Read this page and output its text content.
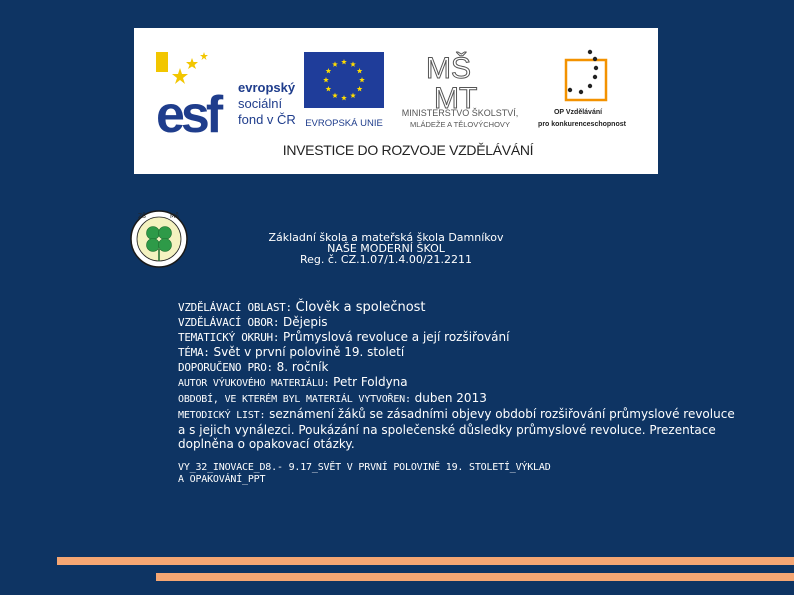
esf	evropský
sociální
fond v ČR EVROPSKÁ UNIE
MŠ
MT
MINISTERSTVO ŠKOLSTVÍ,
MLÁDEŽE A TĚLOVÝCHOVY
OP Vzdělávání
pro konkurenceschopnost
INVESTICE DO ROZVOJE VZDĚLÁVÁNÍ
ZŠ	MŠ
Základní škola a mateřská škola Damníkov
NAŠE MODERNÍ ŠKOL
Reg. č. CZ.1.07/1.4.00/21.2211
VZDĚLÁVACÍ OBLAST: Člověk a společnost
VZDĚLÁVACÍ OBOR: Dějepis
TEMATICKÝ OKRUH: Průmyslová revoluce a její rozšiřování
TÉMA: Svět v první polovině 19. století
DOPORUČENO PRO: 8. ročník
AUTOR VÝUKOVÉHO MATERIÁLU: Petr Foldyna
OBDOBÍ, VE KTERÉM BYL MATERIÁL VYTVOŘEN: duben 2013
METODICKÝ LIST: seznámení žáků se zásadními objevy období rozšiřování průmyslové revoluce a s jejich vynálezci. Poukázání na společenské důsledky průmyslové revoluce. Prezentace doplněna o opakovací otázky.
VY_32_INOVACE_D8.- 9.17_SVĚT V PRVNÍ POLOVINĚ 19. STOLETÍ_VÝKLAD
A OPAKOVÁNÍ_PPT
